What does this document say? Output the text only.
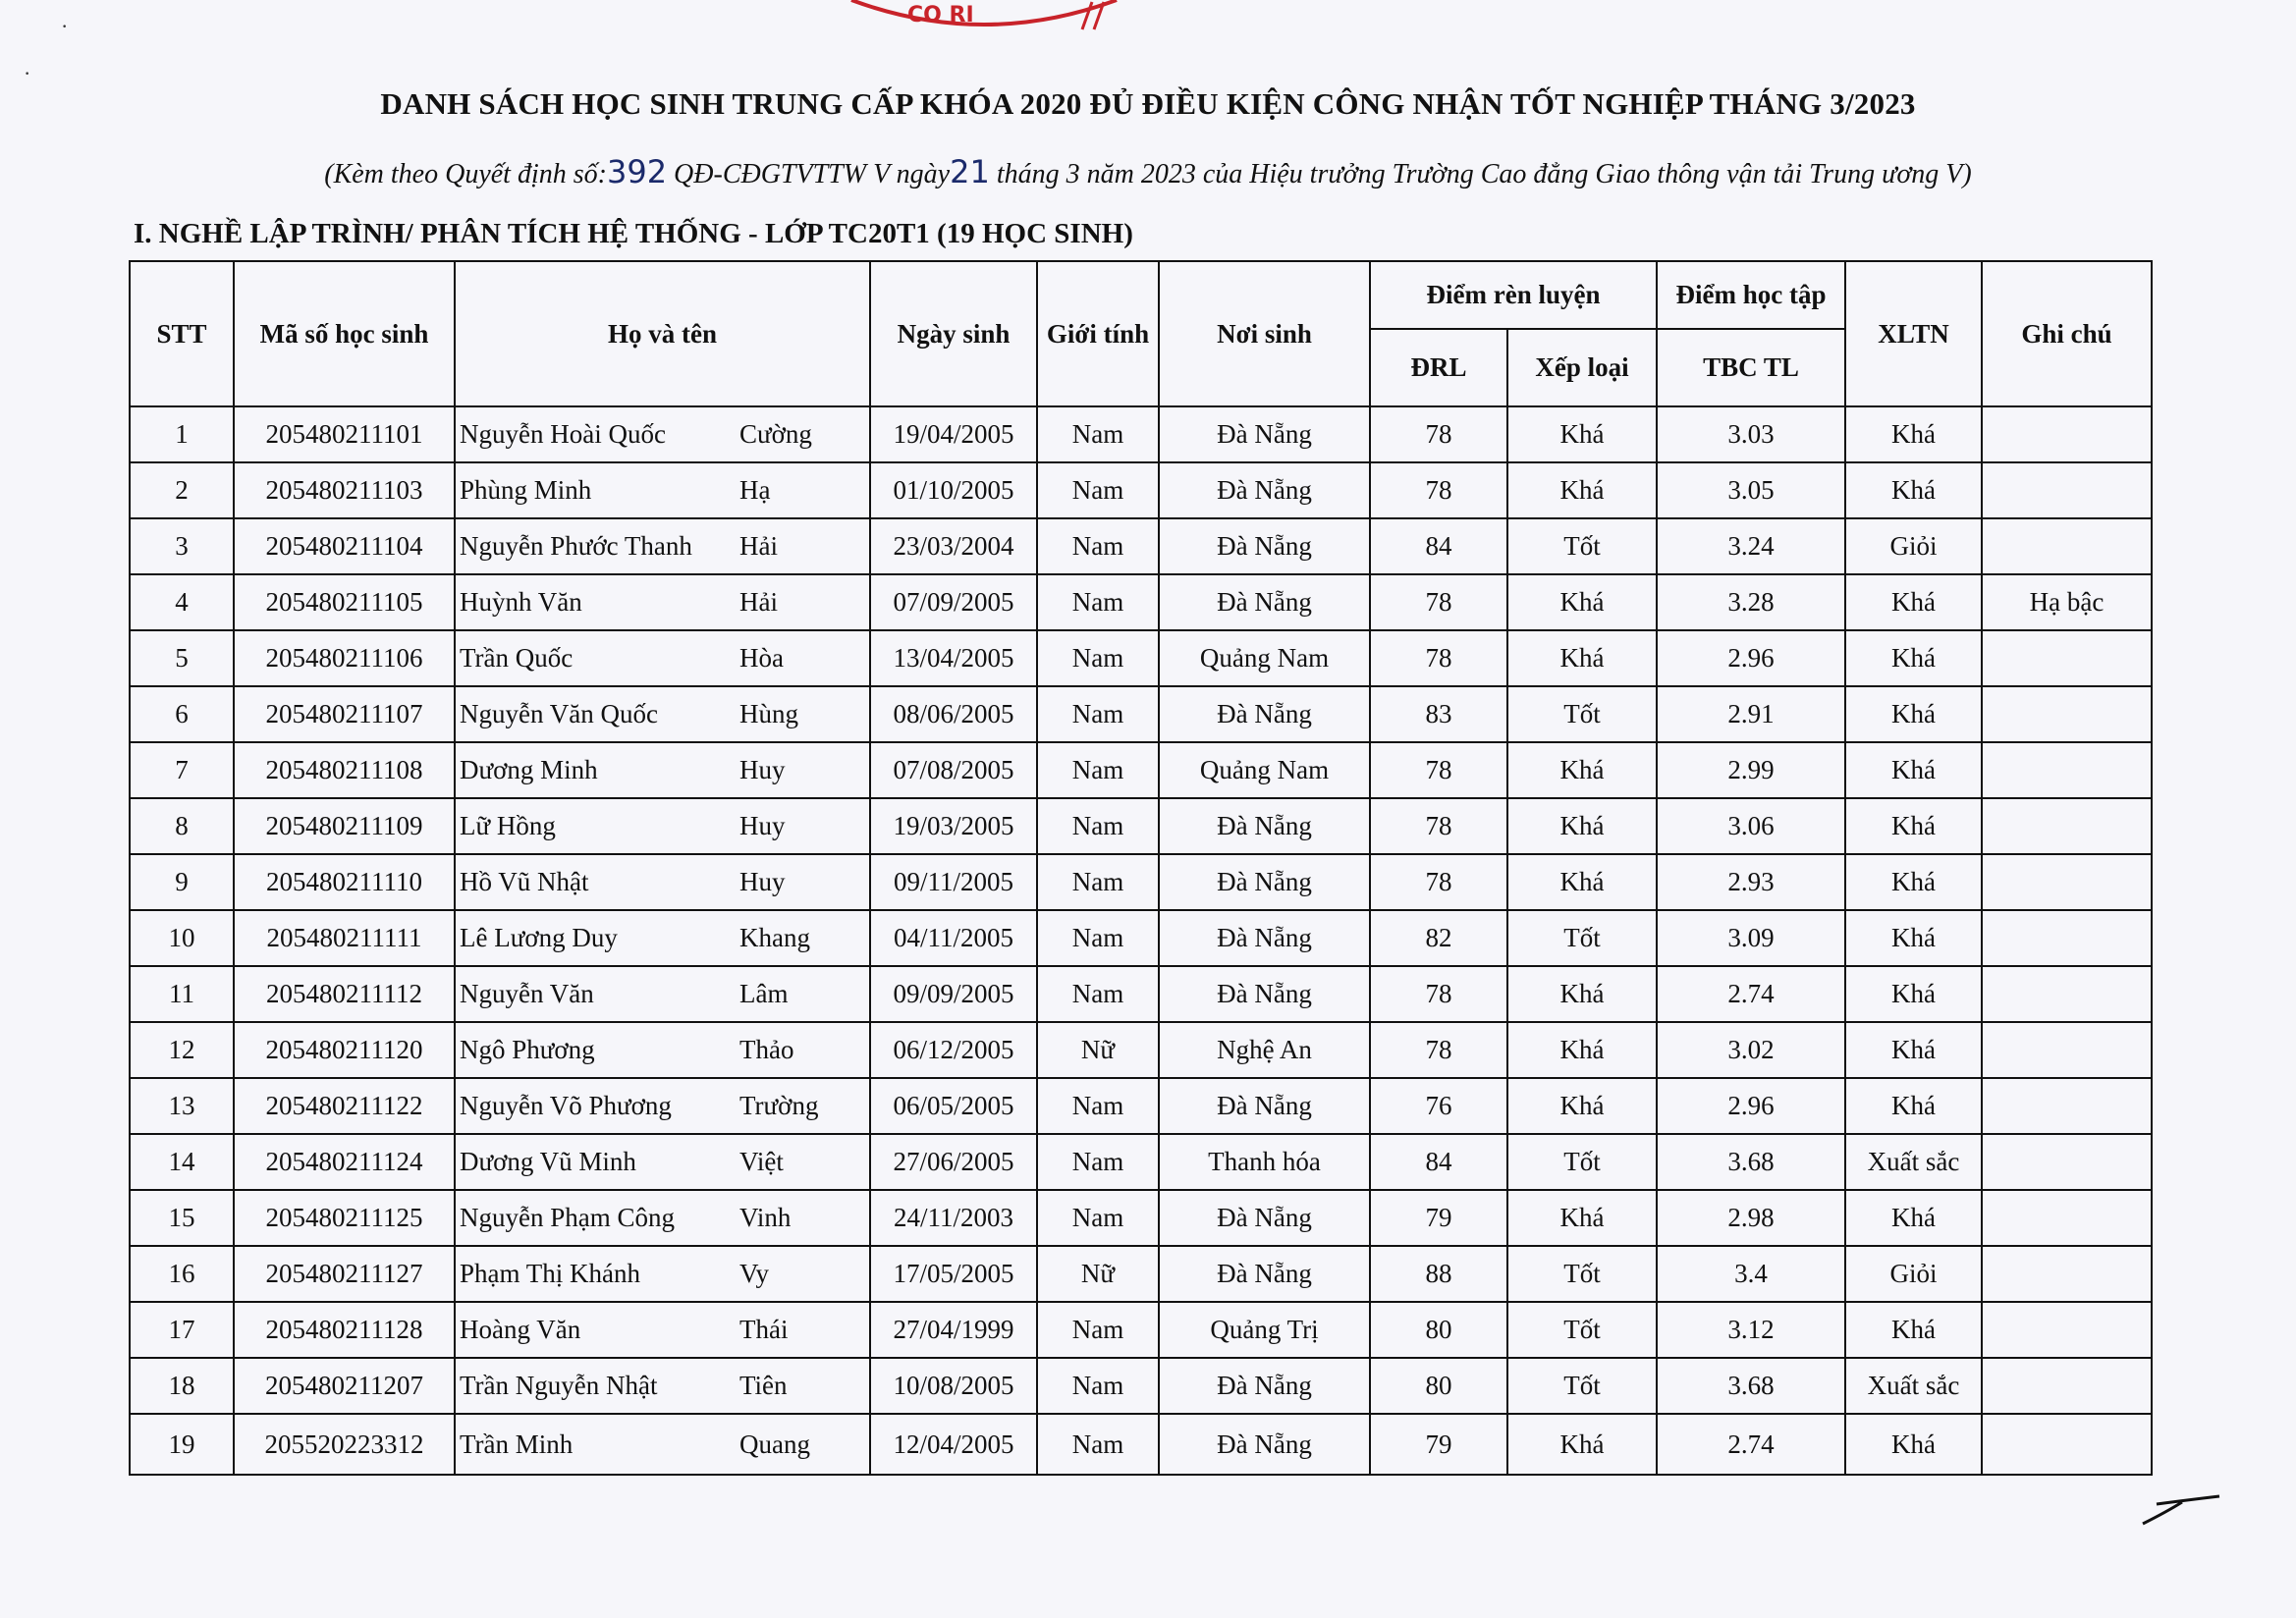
CO RI
·
·
DANH SÁCH HỌC SINH TRUNG CẤP KHÓA 2020 ĐỦ ĐIỀU KIỆN CÔNG NHẬN TỐT NGHIỆP THÁNG 3/2023
(Kèm theo Quyết định số:392 QĐ-CĐGTVTTW V ngày21 tháng 3 năm 2023 của Hiệu trưởng Trường Cao đẳng Giao thông vận tải Trung ương V)
I. NGHỀ LẬP TRÌNH/ PHÂN TÍCH HỆ THỐNG - LỚP TC20T1 (19 HỌC SINH)
STT	Mã số học sinh	Họ và tên	Ngày sinh	Giới tính	Nơi sinh	Điểm rèn luyện		Điểm học tập	XLTN	Ghi chú
						ĐRL	Xếp loại	TBC TL		
1	205480211101	Nguyễn Hoài Quốc Cường	19/04/2005	Nam	Đà Nẵng	78	Khá	3.03	Khá	
2	205480211103	Phùng Minh Hạ	01/10/2005	Nam	Đà Nẵng	78	Khá	3.05	Khá	
3	205480211104	Nguyễn Phước Thanh Hải	23/03/2004	Nam	Đà Nẵng	84	Tốt	3.24	Giỏi	
4	205480211105	Huỳnh Văn Hải	07/09/2005	Nam	Đà Nẵng	78	Khá	3.28	Khá	Hạ bậc
5	205480211106	Trần Quốc Hòa	13/04/2005	Nam	Quảng Nam	78	Khá	2.96	Khá	
6	205480211107	Nguyễn Văn Quốc Hùng	08/06/2005	Nam	Đà Nẵng	83	Tốt	2.91	Khá	
7	205480211108	Dương Minh Huy	07/08/2005	Nam	Quảng Nam	78	Khá	2.99	Khá	
8	205480211109	Lữ Hồng Huy	19/03/2005	Nam	Đà Nẵng	78	Khá	3.06	Khá	
9	205480211110	Hồ Vũ Nhật Huy	09/11/2005	Nam	Đà Nẵng	78	Khá	2.93	Khá	
10	205480211111	Lê Lương Duy Khang	04/11/2005	Nam	Đà Nẵng	82	Tốt	3.09	Khá	
11	205480211112	Nguyễn Văn Lâm	09/09/2005	Nam	Đà Nẵng	78	Khá	2.74	Khá	
12	205480211120	Ngô Phương Thảo	06/12/2005	Nữ	Nghệ An	78	Khá	3.02	Khá	
13	205480211122	Nguyễn Võ Phương Trường	06/05/2005	Nam	Đà Nẵng	76	Khá	2.96	Khá	
14	205480211124	Dương Vũ Minh Việt	27/06/2005	Nam	Thanh hóa	84	Tốt	3.68	Xuất sắc	
15	205480211125	Nguyễn Phạm Công Vinh	24/11/2003	Nam	Đà Nẵng	79	Khá	2.98	Khá	
16	205480211127	Phạm Thị Khánh Vy	17/05/2005	Nữ	Đà Nẵng	88	Tốt	3.4	Giỏi	
17	205480211128	Hoàng Văn Thái	27/04/1999	Nam	Quảng Trị	80	Tốt	3.12	Khá	
18	205480211207	Trần Nguyễn Nhật Tiên	10/08/2005	Nam	Đà Nẵng	80	Tốt	3.68	Xuất sắc	
19	205520223312	Trần Minh Quang	12/04/2005	Nam	Đà Nẵng	79	Khá	2.74	Khá	
